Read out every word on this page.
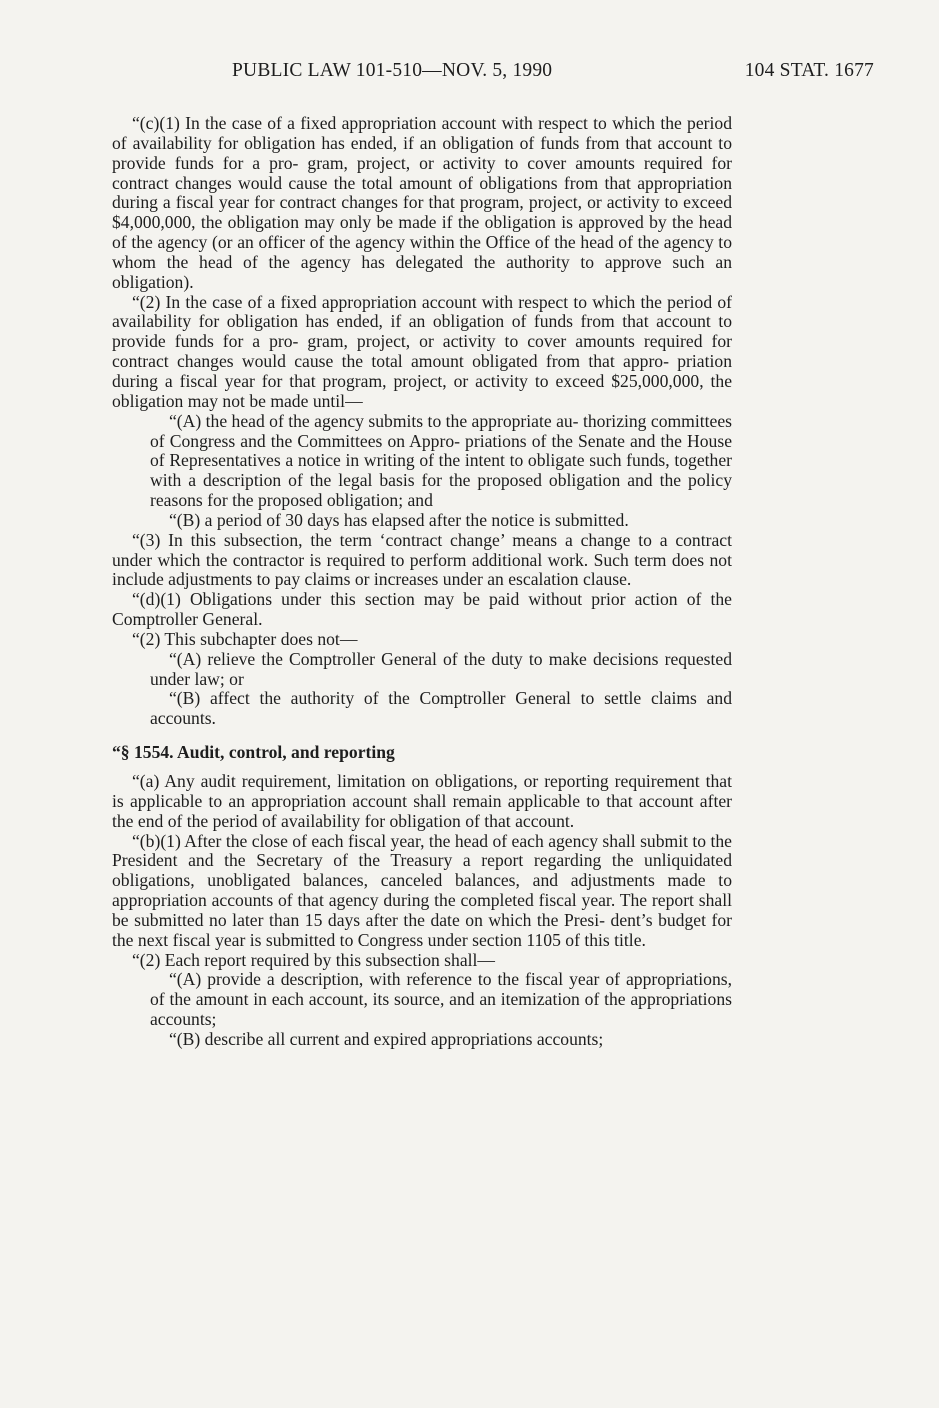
PUBLIC LAW 101-510—NOV. 5, 1990	104 STAT. 1677

“(c)(1) In the case of a fixed appropriation account with respect to which the period of availability for obligation has ended, if an obligation of funds from that account to provide funds for a pro- gram, project, or activity to cover amounts required for contract changes would cause the total amount of obligations from that appropriation during a fiscal year for contract changes for that program, project, or activity to exceed $4,000,000, the obligation may only be made if the obligation is approved by the head of the agency (or an officer of the agency within the Office of the head of the agency to whom the head of the agency has delegated the authority to approve such an obligation).

“(2) In the case of a fixed appropriation account with respect to which the period of availability for obligation has ended, if an obligation of funds from that account to provide funds for a pro- gram, project, or activity to cover amounts required for contract changes would cause the total amount obligated from that appro- priation during a fiscal year for that program, project, or activity to exceed $25,000,000, the obligation may not be made until—

“(A) the head of the agency submits to the appropriate au- thorizing committees of Congress and the Committees on Appro- priations of the Senate and the House of Representatives a notice in writing of the intent to obligate such funds, together with a description of the legal basis for the proposed obligation and the policy reasons for the proposed obligation; and

“(B) a period of 30 days has elapsed after the notice is submitted.

“(3) In this subsection, the term ‘contract change’ means a change to a contract under which the contractor is required to perform additional work. Such term does not include adjustments to pay claims or increases under an escalation clause.

“(d)(1) Obligations under this section may be paid without prior action of the Comptroller General.

“(2) This subchapter does not—

“(A) relieve the Comptroller General of the duty to make decisions requested under law; or

“(B) affect the authority of the Comptroller General to settle claims and accounts.

“§ 1554. Audit, control, and reporting

“(a) Any audit requirement, limitation on obligations, or reporting requirement that is applicable to an appropriation account shall remain applicable to that account after the end of the period of availability for obligation of that account.

“(b)(1) After the close of each fiscal year, the head of each agency shall submit to the President and the Secretary of the Treasury a report regarding the unliquidated obligations, unobligated balances, canceled balances, and adjustments made to appropriation accounts of that agency during the completed fiscal year. The report shall be submitted no later than 15 days after the date on which the Presi- dent’s budget for the next fiscal year is submitted to Congress under section 1105 of this title.

“(2) Each report required by this subsection shall—

“(A) provide a description, with reference to the fiscal year of appropriations, of the amount in each account, its source, and an itemization of the appropriations accounts;

“(B) describe all current and expired appropriations accounts;
